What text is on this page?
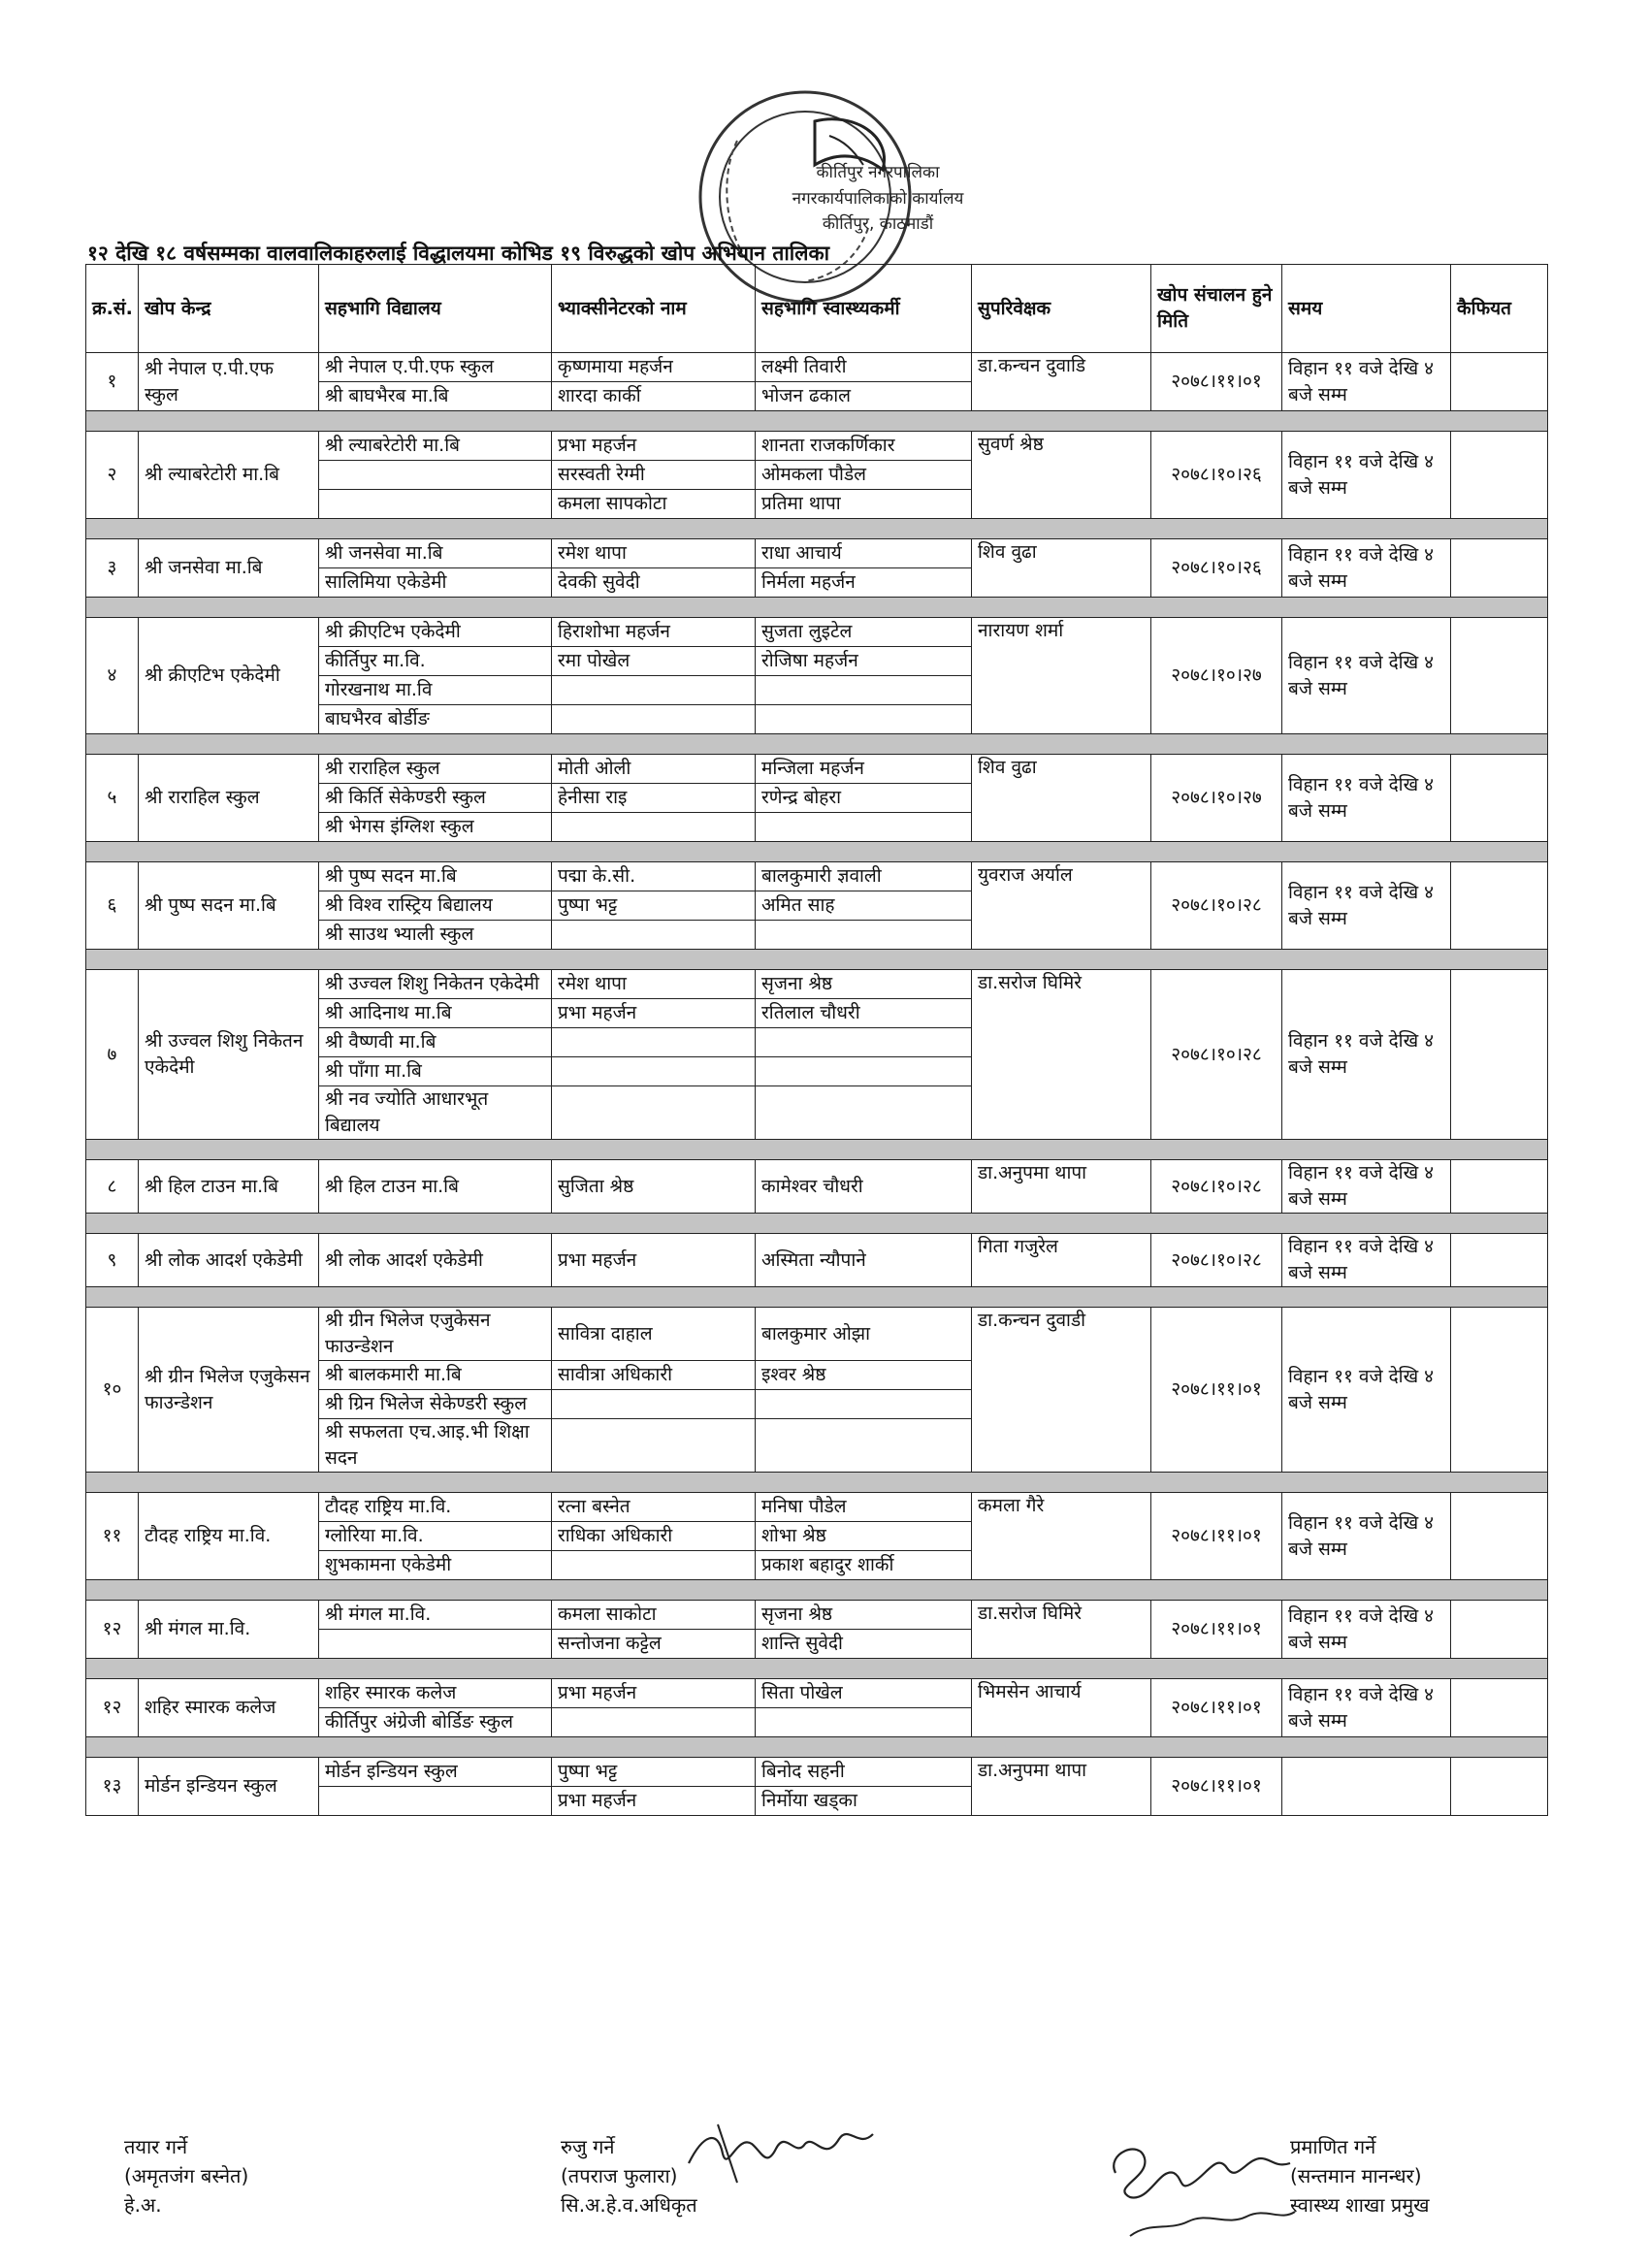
कीर्तिपुर नगरपालिका
नगरकार्यपालिकाको कार्यालय
कीर्तिपुर, काठमाडौं
१२ देखि १८ वर्षसम्मका वालवालिकाहरुलाई विद्धालयमा कोभिड १९ विरुद्धको खोप अभियान तालिका
क्र.सं.	खोप केन्द्र	सहभागि विद्यालय	भ्याक्सीनेटरको नाम	सहभागि स्वास्थ्यकर्मी	सुपरिवेक्षक	खोप संचालन हुने मिति	समय	कैफियत
१	श्री नेपाल ए.पी.एफ स्कुल	श्री नेपाल ए.पी.एफ स्कुल	कृष्णमाया महर्जन	लक्ष्मी तिवारी	डा.कन्चन दुवाडि	२०७८।११।०१	विहान ११ वजे देखि ४ बजे सम्म	
		श्री बाघभैरब मा.बि	शारदा कार्की	भोजन ढकाल				

२	श्री ल्याबरेटोरी मा.बि	श्री ल्याबरेटोरी मा.बि	प्रभा महर्जन	शानता राजकर्णिकार	सुवर्ण श्रेष्ठ	२०७८।१०।२६	विहान ११ वजे देखि ४ बजे सम्म	
			सरस्वती रेग्मी	ओमकला पौडेल				
			कमला सापकोटा	प्रतिमा थापा				

३	श्री जनसेवा मा.बि	श्री जनसेवा मा.बि	रमेश थापा	राधा आचार्य	शिव वुढा	२०७८।१०।२६	विहान ११ वजे देखि ४ बजे सम्म	
		सालिमिया एकेडेमी	देवकी सुवेदी	निर्मला महर्जन				

४	श्री क्रीएटिभ एकेदेमी	श्री क्रीएटिभ एकेदेमी	हिराशोभा महर्जन	सुजता लुइटेल	नारायण शर्मा	२०७८।१०।२७	विहान ११ वजे देखि ४ बजे सम्म	
		कीर्तिपुर मा.वि.	रमा पोखेल	रोजिषा महर्जन				
		गोरखनाथ मा.वि						
		बाघभैरव बोर्डीङ						

५	श्री राराहिल स्कुल	श्री राराहिल स्कुल	मोती ओली	मन्जिला महर्जन	शिव वुढा	२०७८।१०।२७	विहान ११ वजे देखि ४ बजे सम्म	
		श्री किर्ति सेकेण्डरी स्कुल	हेनीसा राइ	रणेन्द्र बोहरा				
		श्री भेगस इंग्लिश स्कुल						

६	श्री पुष्प सदन मा.बि	श्री पुष्प सदन मा.बि	पद्मा के.सी.	बालकुमारी ज्ञवाली	युवराज अर्याल	२०७८।१०।२८	विहान ११ वजे देखि ४ बजे सम्म	
		श्री विश्व रास्ट्रिय बिद्यालय	पुष्पा भट्ट	अमित साह				
		श्री साउथ भ्याली स्कुल						

७	श्री उज्वल शिशु निकेतन एकेदेमी	श्री उज्वल शिशु निकेतन एकेदेमी	रमेश थापा	सृजना श्रेष्ठ	डा.सरोज घिमिरे	२०७८।१०।२८	विहान ११ वजे देखि ४ बजे सम्म	
		श्री आदिनाथ मा.बि	प्रभा महर्जन	रतिलाल चौधरी				
		श्री वैष्णवी मा.बि						
		श्री पाँगा मा.बि						
		श्री नव ज्योति आधारभूत बिद्यालय						

८	श्री हिल टाउन मा.बि	श्री हिल टाउन मा.बि	सुजिता श्रेष्ठ	कामेश्वर चौधरी	डा.अनुपमा थापा	२०७८।१०।२८	विहान ११ वजे देखि ४ बजे सम्म	

९	श्री लोक आदर्श एकेडेमी	श्री लोक आदर्श एकेडेमी	प्रभा महर्जन	अस्मिता न्यौपाने	गिता गजुरेल	२०७८।१०।२८	विहान ११ वजे देखि ४ बजे सम्म	

१०	श्री ग्रीन भिलेज एजुकेसन फाउन्डेशन	श्री ग्रीन भिलेज एजुकेसन फाउन्डेशन	सावित्रा दाहाल	बालकुमार ओझा	डा.कन्चन दुवाडी	२०७८।११।०१	विहान ११ वजे देखि ४ बजे सम्म	
		श्री बालकमारी मा.बि	सावीत्रा अधिकारी	इश्वर श्रेष्ठ				
		श्री ग्रिन भिलेज सेकेण्डरी स्कुल						
		श्री सफलता एच.आइ.भी शिक्षा सदन						

११	टौदह राष्ट्रिय मा.वि.	टौदह राष्ट्रिय मा.वि.	रत्ना बस्नेत	मनिषा पौडेल	कमला गैरे	२०७८।११।०१	विहान ११ वजे देखि ४ बजे सम्म	
		ग्लोरिया मा.वि.	राधिका अधिकारी	शोभा श्रेष्ठ				
		शुभकामना एकेडेमी		प्रकाश बहादुर शार्की				

१२	श्री मंगल मा.वि.	श्री मंगल मा.वि.	कमला साकोटा	सृजना श्रेष्ठ	डा.सरोज घिमिरे	२०७८।११।०१	विहान ११ वजे देखि ४ बजे सम्म	
			सन्तोजना कट्टेल	शान्ति सुवेदी				

१२	शहिर स्मारक कलेज	शहिर स्मारक कलेज	प्रभा महर्जन	सिता पोखेल	भिमसेन आचार्य	२०७८।११।०१	विहान ११ वजे देखि ४ बजे सम्म	
		कीर्तिपुर अंग्रेजी बोर्डिङ स्कुल						

१३	मोर्डन इन्डियन स्कुल	मोर्डन इन्डियन स्कुल	पुष्पा भट्ट	बिनोद सहनी	डा.अनुपमा थापा	२०७८।११।०१		
			प्रभा महर्जन	निर्मोया खड्का				
तयार गर्ने
(अमृतजंग बस्नेत)
हे.अ.
रुजु गर्ने
(तपराज फुलारा)
सि.अ.हे.व.अधिकृत
प्रमाणित गर्ने
(सन्तमान मानन्धर)
स्वास्थ्य शाखा प्रमुख
